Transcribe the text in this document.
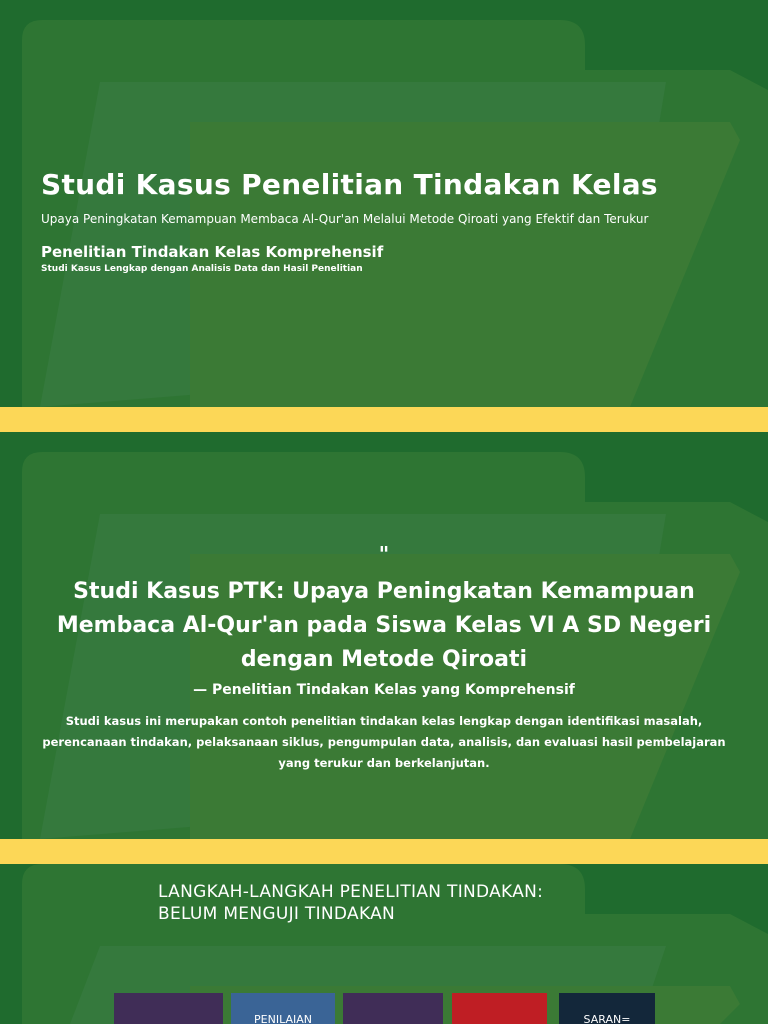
Studi Kasus Penelitian Tindakan Kelas
Upaya Peningkatan Kemampuan Membaca Al-Qur'an Melalui Metode Qiroati yang Efektif dan Terukur
Penelitian Tindakan Kelas Komprehensif
Studi Kasus Lengkap dengan Analisis Data dan Hasil Penelitian
"
Studi Kasus PTK: Upaya Peningkatan Kemampuan Membaca Al-Qur'an pada Siswa Kelas VI A SD Negeri dengan Metode Qiroati
— Penelitian Tindakan Kelas yang Komprehensif
Studi kasus ini merupakan contoh penelitian tindakan kelas lengkap dengan identifikasi masalah, perencanaan tindakan, pelaksanaan siklus, pengumpulan data, analisis, dan evaluasi hasil pembelajaran yang terukur dan berkelanjutan.
LANGKAH-LANGKAH PENELITIAN TINDAKAN:
BELUM MENGUJI TINDAKAN
PENILAIAN	SARAN=
